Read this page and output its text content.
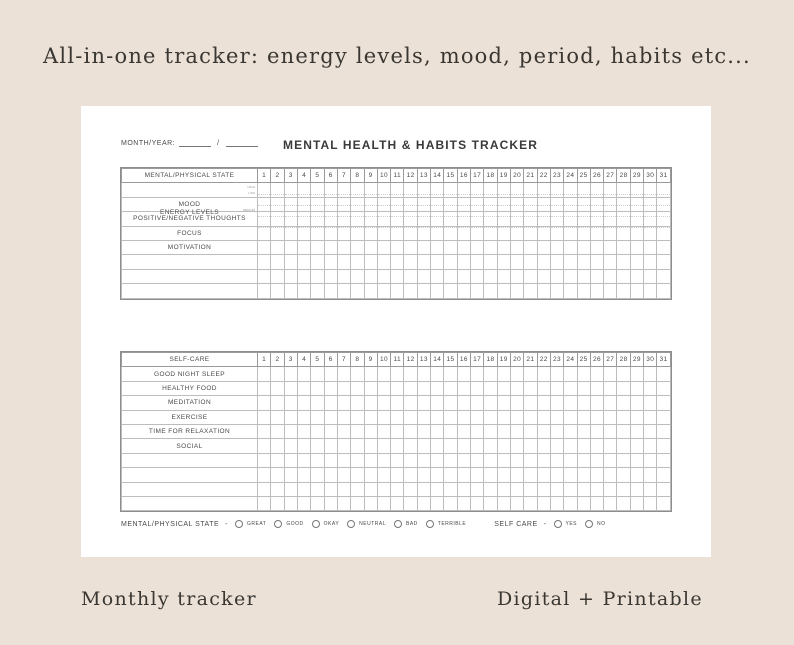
All-in-one tracker: energy levels, mood, period, habits etc...
MONTH/YEAR:	/	MENTAL HEALTH & HABITS TRACKER
MENTAL/PHYSICAL STATE	1	2	3	4	5	6	7	8	9	10	11	12	13	14	15	16	17	18	19	20	21	22	23	24	25	26	27	28	29	30	31

ENERGY LEVELS
HIGH
MEDIUM
LOW																															

MOOD																															
POSITIVE/NEGATIVE THOUGHTS																															
FOCUS																															
MOTIVATION																															

SELF-CARE	1	2	3	4	5	6	7	8	9	10	11	12	13	14	15	16	17	18	19	20	21	22	23	24	25	26	27	28	29	30	31
GOOD NIGHT SLEEP																															
HEALTHY FOOD																															
MEDITATION																															
EXERCISE																															
TIME FOR RELAXATION																															
SOCIAL																															

MENTAL/PHYSICAL STATE -	GREAT	GOOD	OKAY	NEUTRAL	BAD	TERRIBLE	SELF CARE -	YES	NO
Monthly tracker	Digital + Printable
